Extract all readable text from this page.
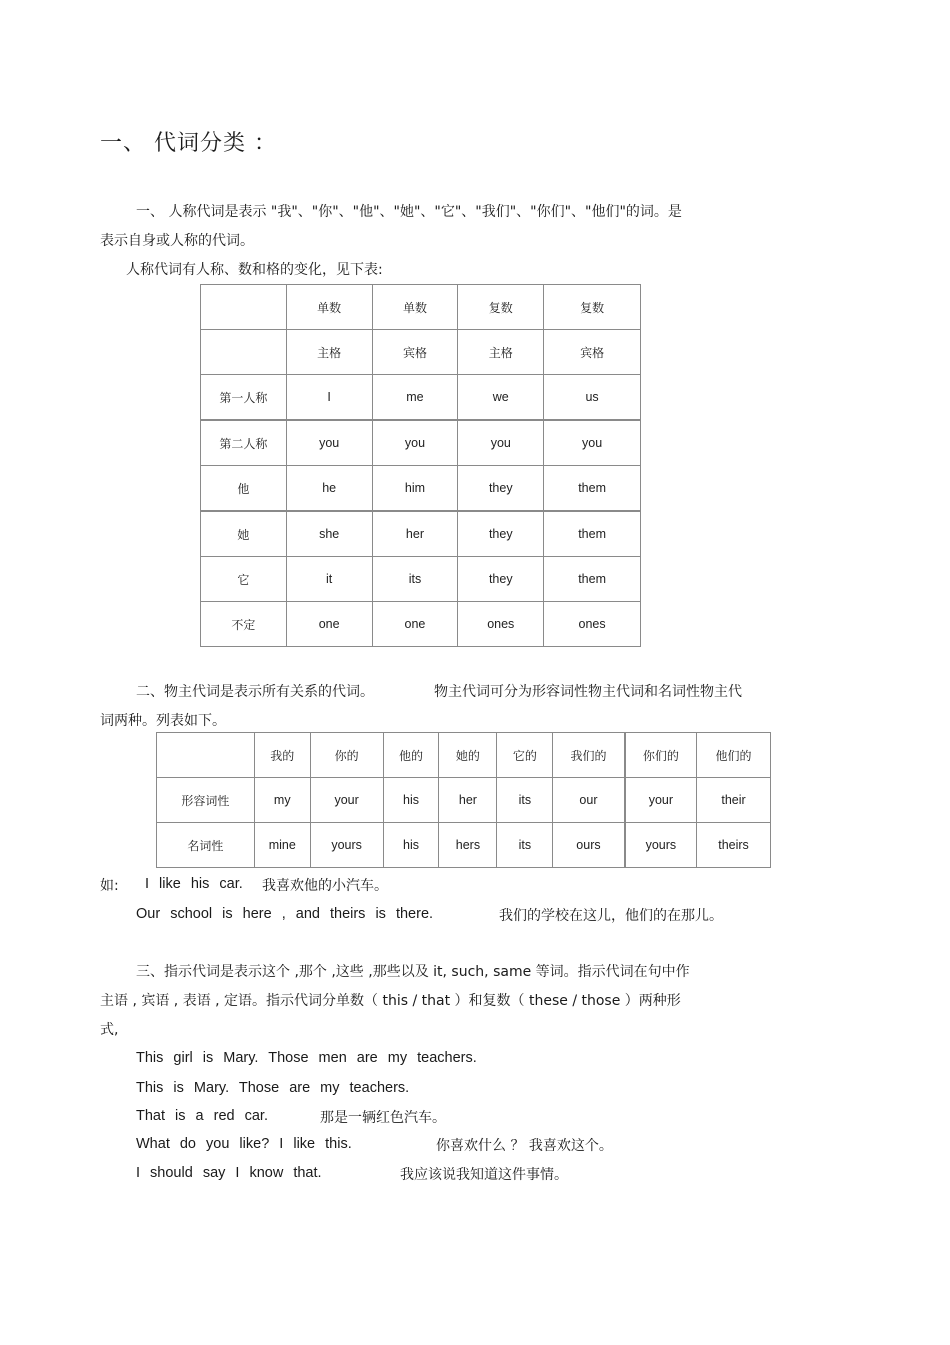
一、 代词分类 ：
一、 人称代词是表示 "我"、"你"、"他"、"她"、"它"、"我们"、"你们"、"他们"的词。是
表示自身或人称的代词。
人称代词有人称、数和格的变化，见下表:
	单数	单数	复数	复数
	主格	宾格	主格	宾格
第一人称	I	me	we	us
第二人称	you	you	you	you
他	he	him	they	them
她	she	her	they	them
它	it	its	they	them
不定	one	one	ones	ones
二、物主代词是表示所有关系的代词。	物主代词可分为形容词性物主代词和名词性物主代
词两种。列表如下。
	我的	你的	他的	她的	它的	我们的	你们的	他们的
形容词性	my	your	his	her	its	our	your	their
名词性	mine	yours	his	hers	its	ours	yours	theirs
如: I like his car. 我喜欢他的小汽车。
Our school is here , and theirs is there.	我们的学校在这儿，他们的在那儿。
三、指示代词是表示这个 ,那个 ,这些 ,那些以及 it, such, same 等词。指示代词在句中作
主语 , 宾语 , 表语 , 定语。指示代词分单数（ this / that ）和复数（ these / those ）两种形
式,
This girl is Mary. Those men are my teachers.
This is Mary. Those are my teachers.
That is a red car.	那是一辆红色汽车。
What do you like? I like this.	你喜欢什么 ？ 我喜欢这个。
I should say I know that.	我应该说我知道这件事情。
